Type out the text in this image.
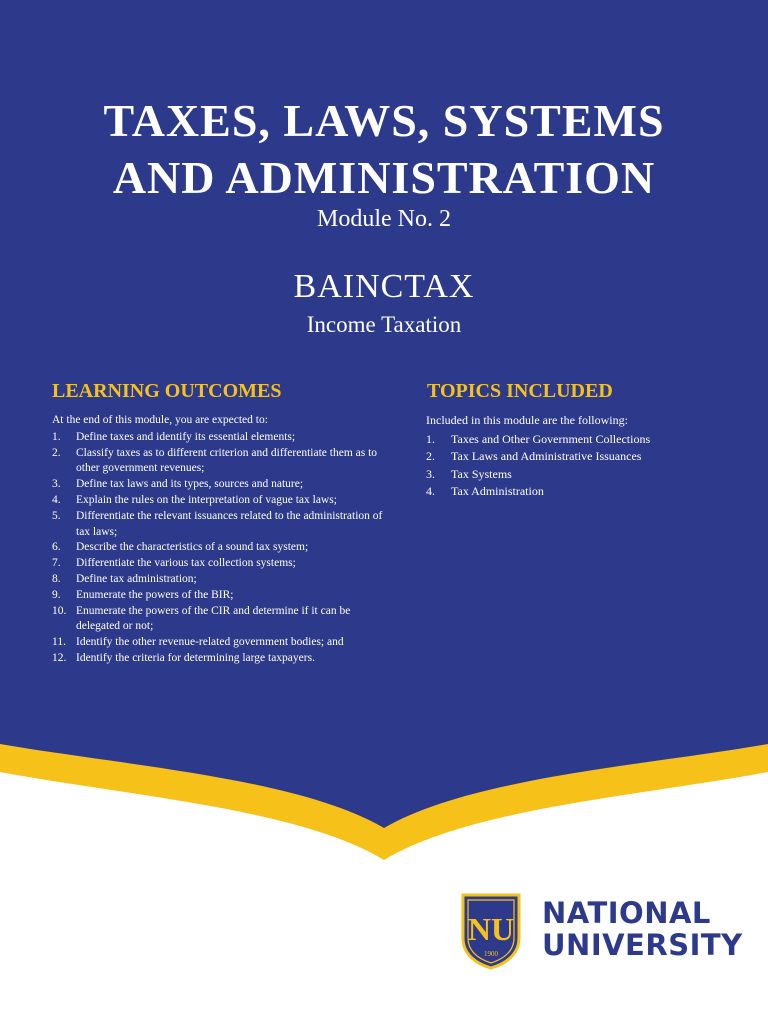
TAXES, LAWS, SYSTEMS
AND ADMINISTRATION
Module No. 2
BAINCTAX
Income Taxation
LEARNING OUTCOMES
At the end of this module, you are expected to:
1. Define taxes and identify its essential elements;
2. Classify taxes as to different criterion and differentiate them as to other government revenues;
3. Define tax laws and its types, sources and nature;
4. Explain the rules on the interpretation of vague tax laws;
5. Differentiate the relevant issuances related to the administration of tax laws;
6. Describe the characteristics of a sound tax system;
7. Differentiate the various tax collection systems;
8. Define tax administration;
9. Enumerate the powers of the BIR;
10. Enumerate the powers of the CIR and determine if it can be delegated or not;
11. Identify the other revenue-related government bodies; and
12. Identify the criteria for determining large taxpayers.
TOPICS INCLUDED
Included in this module are the following:
1. Taxes and Other Government Collections
2. Tax Laws and Administrative Issuances
3. Tax Systems
4. Tax Administration
NU
1900
NATIONAL
UNIVERSITY
